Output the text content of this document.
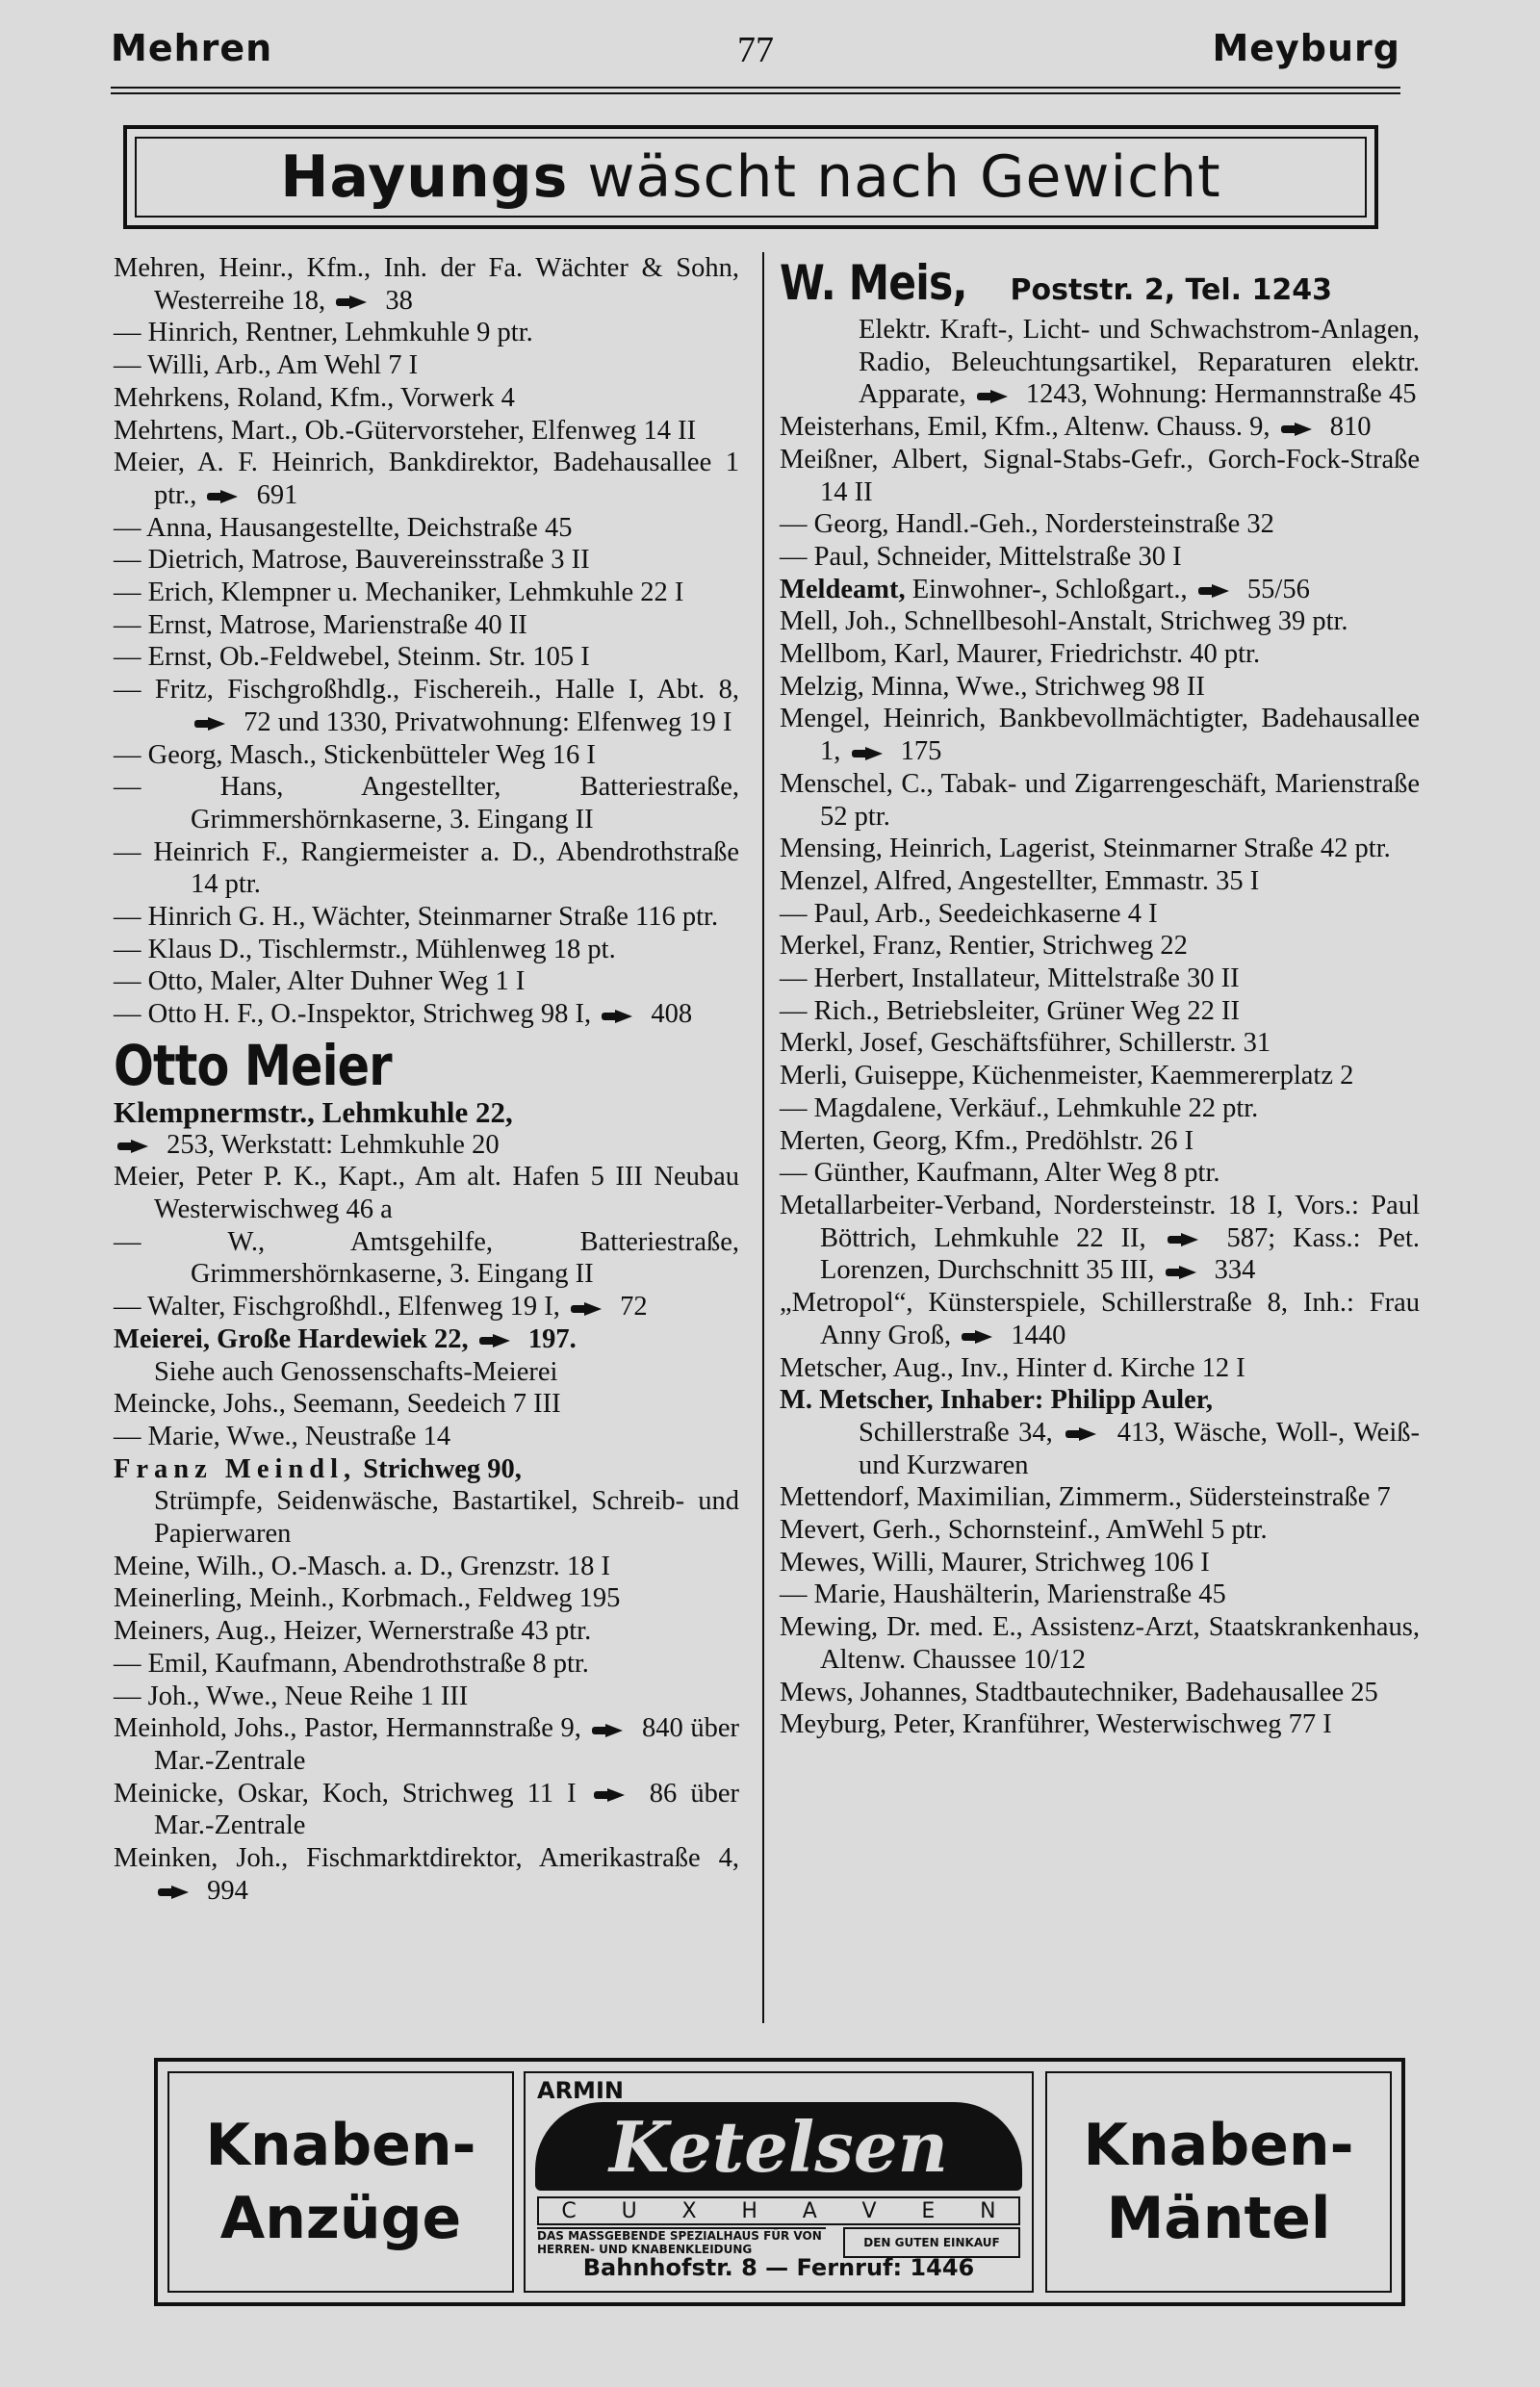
Mehren	77	Meyburg
Hayungs wäscht nach Gewicht
Mehren, Heinr., Kfm., Inh. der Fa. Wächter & Sohn, Westerreihe 18,  38
— Hinrich, Rentner, Lehmkuhle 9 ptr.
— Willi, Arb., Am Wehl 7 I
Mehrkens, Roland, Kfm., Vorwerk 4
Mehrtens, Mart., Ob.-Gütervorsteher, Elfenweg 14 II
Meier, A. F. Heinrich, Bankdirektor, Badehausallee 1 ptr.,  691
— Anna, Hausangestellte, Deichstraße 45
— Dietrich, Matrose, Bauvereinsstraße 3 II
— Erich, Klempner u. Mechaniker, Lehmkuhle 22 I
— Ernst, Matrose, Marienstraße 40 II
— Ernst, Ob.-Feldwebel, Steinm. Str. 105 I
— Fritz, Fischgroßhdlg., Fischereih., Halle I, Abt. 8,  72 und 1330, Privatwohnung: Elfenweg 19 I
— Georg, Masch., Stickenbütteler Weg 16 I
— Hans, Angestellter, Batteriestraße, Grimmershörnkaserne, 3. Eingang II
— Heinrich F., Rangiermeister a. D., Abendrothstraße 14 ptr.
— Hinrich G. H., Wächter, Steinmarner Straße 116 ptr.
— Klaus D., Tischlermstr., Mühlenweg 18 pt.
— Otto, Maler, Alter Duhner Weg 1 I
— Otto H. F., O.-Inspektor, Strichweg 98 I,  408
Otto Meier
Klempnermstr., Lehmkuhle 22,
253, Werkstatt: Lehmkuhle 20
Meier, Peter P. K., Kapt., Am alt. Hafen 5 III Neubau Westerwischweg 46 a
— W., Amtsgehilfe, Batteriestraße, Grimmershörnkaserne, 3. Eingang II
— Walter, Fischgroßhdl., Elfenweg 19 I,  72
Meierei, Große Hardewiek 22,  197.
Siehe auch Genossenschafts-Meierei
Meincke, Johs., Seemann, Seedeich 7 III
— Marie, Wwe., Neustraße 14
Franz Meindl, Strichweg 90,
Strümpfe, Seidenwäsche, Bastartikel, Schreib- und Papierwaren
Meine, Wilh., O.-Masch. a. D., Grenzstr. 18 I
Meinerling, Meinh., Korbmach., Feldweg 195
Meiners, Aug., Heizer, Wernerstraße 43 ptr.
— Emil, Kaufmann, Abendrothstraße 8 ptr.
— Joh., Wwe., Neue Reihe 1 III
Meinhold, Johs., Pastor, Hermannstraße 9,  840 über Mar.-Zentrale
Meinicke, Oskar, Koch, Strichweg 11 I  86 über Mar.-Zentrale
Meinken, Joh., Fischmarktdirektor, Amerikastraße 4,  994
W. Meis, Poststr. 2, Tel. 1243
Elektr. Kraft-, Licht- und Schwachstrom-Anlagen, Radio, Beleuchtungsartikel, Reparaturen elektr. Apparate,  1243, Wohnung: Hermannstraße 45
Meisterhans, Emil, Kfm., Altenw. Chauss. 9,  810
Meißner, Albert, Signal-Stabs-Gefr., Gorch-Fock-Straße 14 II
— Georg, Handl.-Geh., Nordersteinstraße 32
— Paul, Schneider, Mittelstraße 30 I
Meldeamt, Einwohner-, Schloßgart.,  55/56
Mell, Joh., Schnellbesohl-Anstalt, Strichweg 39 ptr.
Mellbom, Karl, Maurer, Friedrichstr. 40 ptr.
Melzig, Minna, Wwe., Strichweg 98 II
Mengel, Heinrich, Bankbevollmächtigter, Badehausallee 1,  175
Menschel, C., Tabak- und Zigarrengeschäft, Marienstraße 52 ptr.
Mensing, Heinrich, Lagerist, Steinmarner Straße 42 ptr.
Menzel, Alfred, Angestellter, Emmastr. 35 I
— Paul, Arb., Seedeichkaserne 4 I
Merkel, Franz, Rentier, Strichweg 22
— Herbert, Installateur, Mittelstraße 30 II
— Rich., Betriebsleiter, Grüner Weg 22 II
Merkl, Josef, Geschäftsführer, Schillerstr. 31
Merli, Guiseppe, Küchenmeister, Kaemmererplatz 2
— Magdalene, Verkäuf., Lehmkuhle 22 ptr.
Merten, Georg, Kfm., Predöhlstr. 26 I
— Günther, Kaufmann, Alter Weg 8 ptr.
Metallarbeiter-Verband, Nordersteinstr. 18 I, Vors.: Paul Böttrich, Lehmkuhle 22 II,  587; Kass.: Pet. Lorenzen, Durchschnitt 35 III,  334
„Metropol“, Künsterspiele, Schillerstraße 8, Inh.: Frau Anny Groß,  1440
Metscher, Aug., Inv., Hinter d. Kirche 12 I
M. Metscher, Inhaber: Philipp Auler,
Schillerstraße 34,  413, Wäsche, Woll-, Weiß- und Kurzwaren
Mettendorf, Maximilian, Zimmerm., Südersteinstraße 7
Mevert, Gerh., Schornsteinf., AmWehl 5 ptr.
Mewes, Willi, Maurer, Strichweg 106 I
— Marie, Haushälterin, Marienstraße 45
Mewing, Dr. med. E., Assistenz-Arzt, Staatskrankenhaus, Altenw. Chaussee 10/12
Mews, Johannes, Stadtbautechniker, Badehausallee 25
Meyburg, Peter, Kranführer, Westerwischweg 77 I
Knaben-
Anzüge
ARMIN
Ketelsen
C U X H A V E N
DAS MASSGEBENDE SPEZIALHAUS FÜR VON HERREN- UND KNABENKLEIDUNG	DEN GUTEN EINKAUF
Bahnhofstr. 8 — Fernruf: 1446
Knaben-
Mäntel
